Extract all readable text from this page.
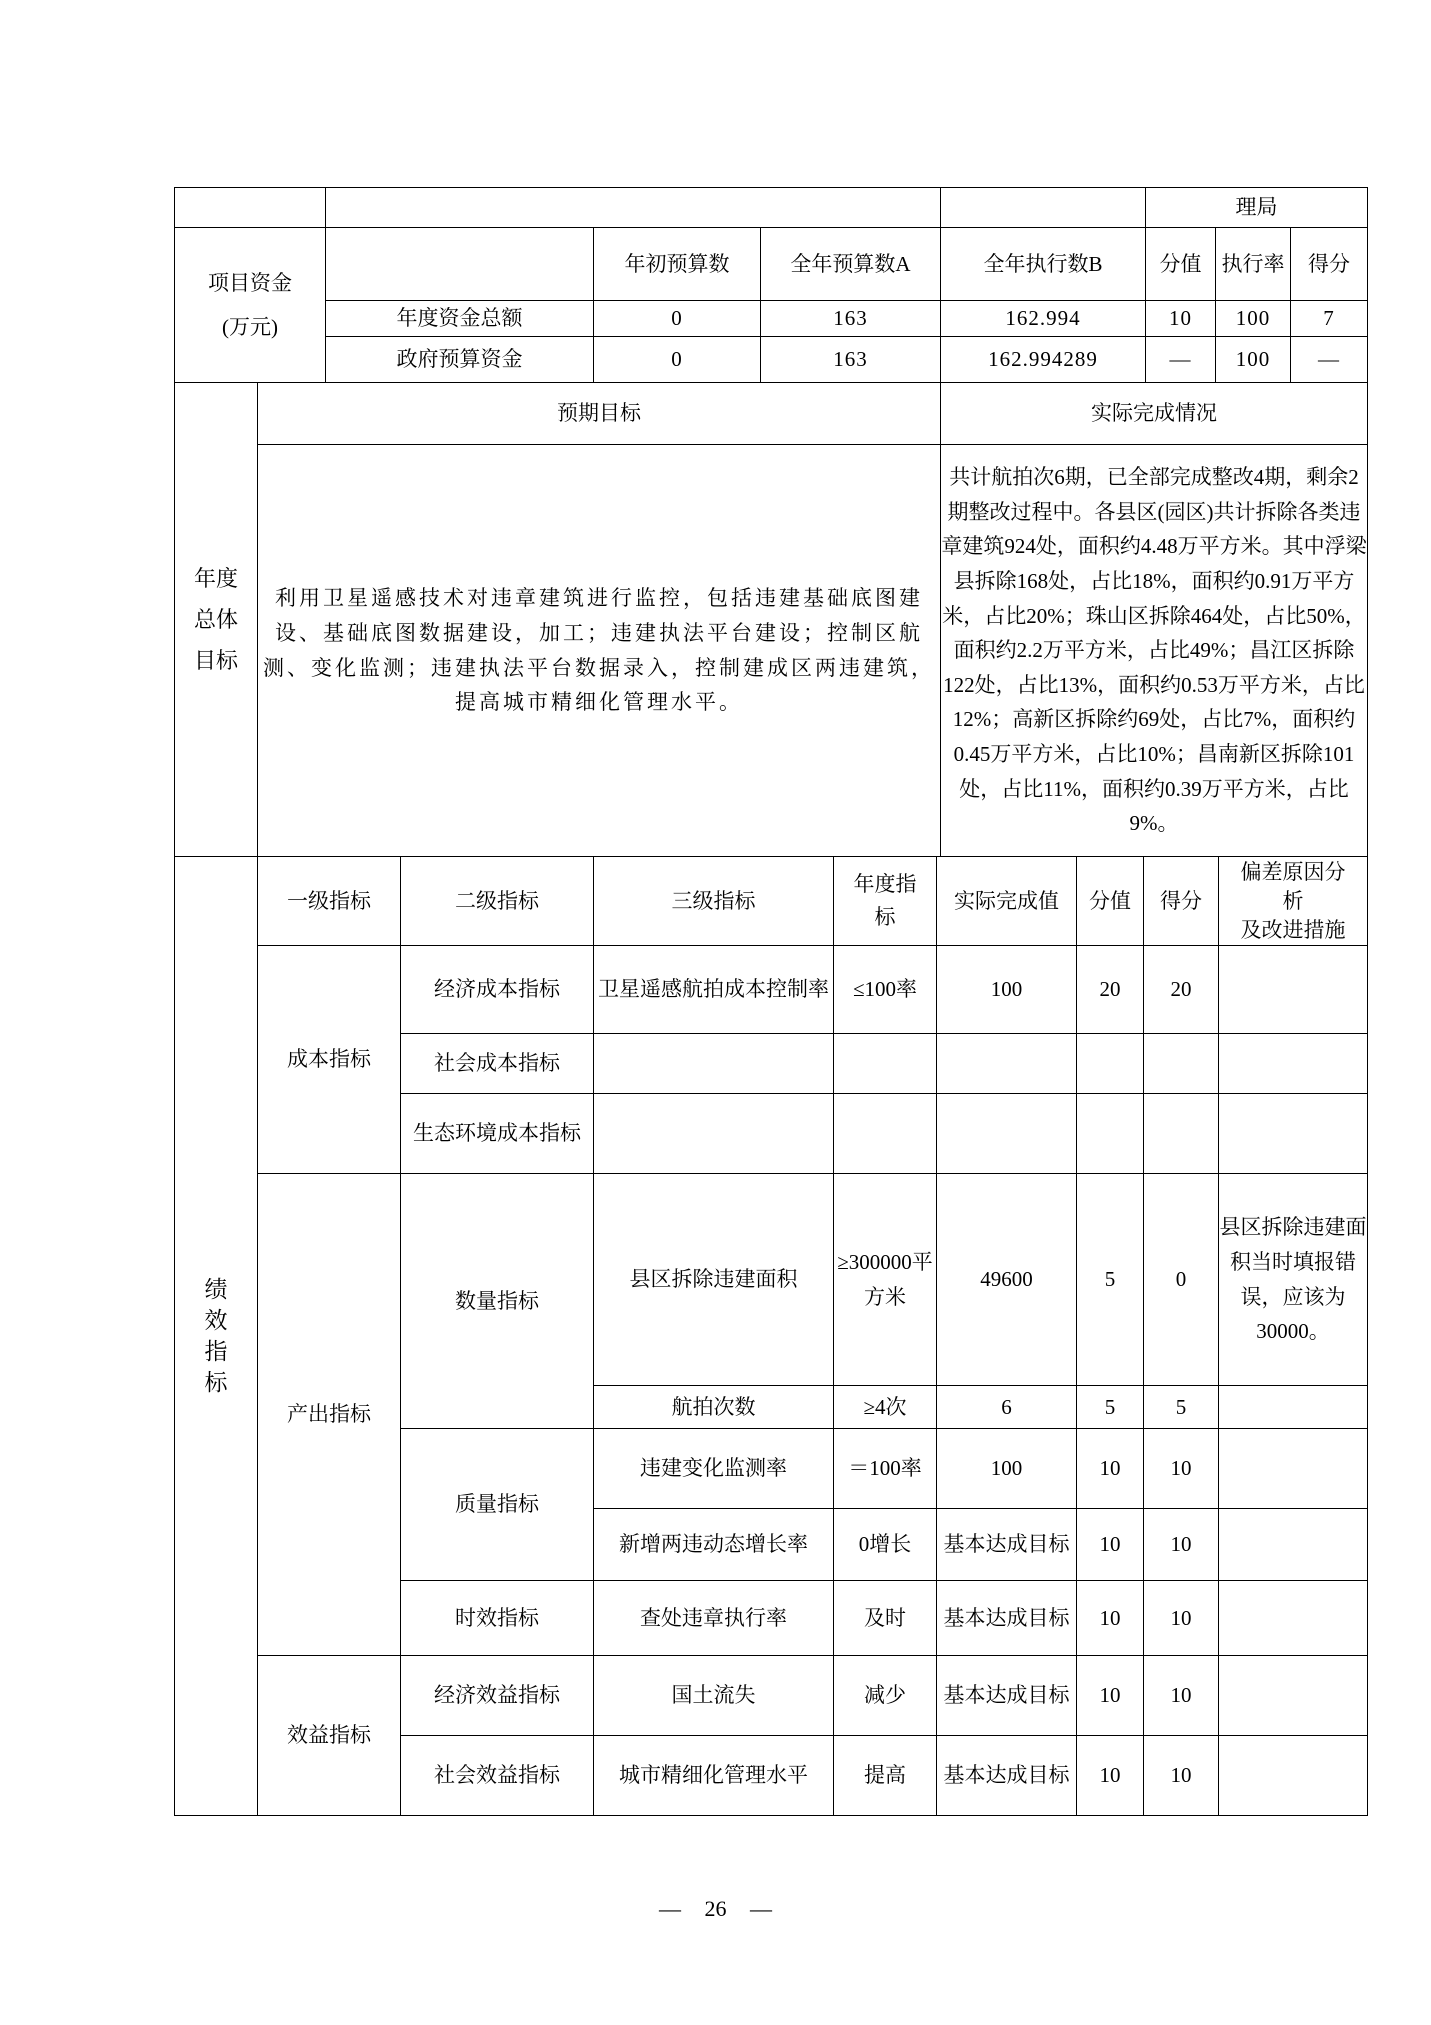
					理局		

项目资金
(万元)		年初预算数	全年预算数A	全年执行数B	分值	执行率	得分
	年度资金总额	0	163	162.994	10	100	7
	政府预算资金	0	163	162.994289	—	100	—
年度总体目标	预期目标	实际完成情况
	利用卫星遥感技术对违章建筑进行监控，包括违建基础底图建设、基础底图数据建设，加工；违建执法平台建设；控制区航测、变化监测；违建执法平台数据录入，控制建成区两违建筑，提高城市精细化管理水平。	共计航拍次6期，已全部完成整改4期，剩余2期整改过程中。各县区(园区)共计拆除各类违章建筑924处，面积约4.48万平方米。其中浮梁县拆除168处，占比18%，面积约0.91万平方米，占比20%；珠山区拆除464处，占比50%，面积约2.2万平方米，占比49%；昌江区拆除122处，占比13%，面积约0.53万平方米，占比12%；高新区拆除约69处，占比7%，面积约0.45万平方米，占比10%；昌南新区拆除101处，占比11%，面积约0.39万平方米，占比9%。
绩效指标	一级指标	二级指标	三级指标	年度指标	实际完成值	分值	得分	偏差原因分析
及改进措施

	成本指标	经济成本指标	卫星遥感航拍成本控制率	≤100率	100	20	20	
		社会成本指标						
		生态环境成本指标						
	产出指标	数量指标	县区拆除违建面积	≥300000平方米	49600	5	0	县区拆除违建面积当时填报错误，应该为30000。
			航拍次数	≥4次	6	5	5	
		质量指标	违建变化监测率	＝100率	100	10	10	
			新增两违动态增长率	0增长	基本达成目标	10	10	
		时效指标	查处违章执行率	及时	基本达成目标	10	10	
	效益指标	经济效益指标	国土流失	减少	基本达成目标	10	10	
		社会效益指标	城市精细化管理水平	提高	基本达成目标	10	10	
— 26 —
